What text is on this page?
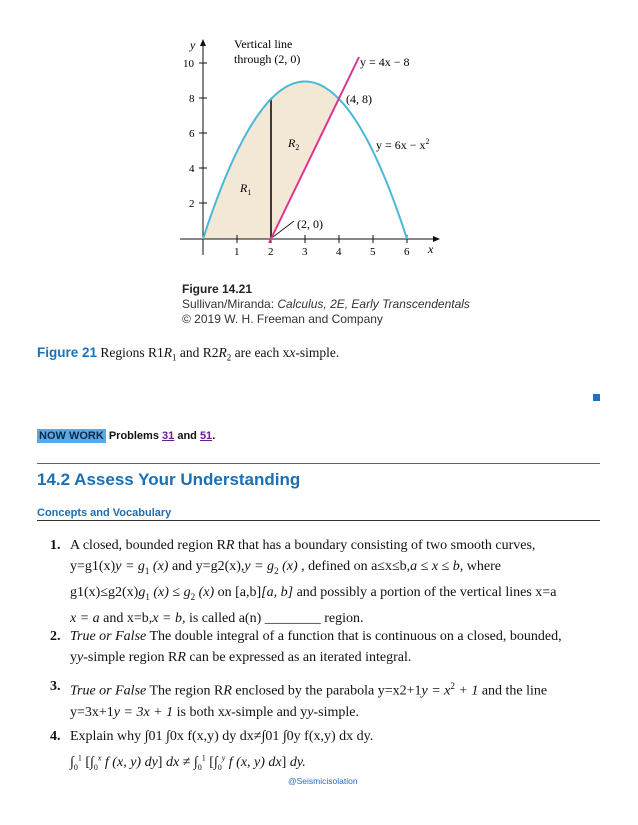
y
x
10
8
6
4
2
1	2	3	4	5	6
Vertical line
through (2, 0)	y = 4x − 8
(4, 8)
$y = 6x - x^2$
(2, 0)
$R_2$
$R_1$
Figure 14.21
Sullivan/Miranda: Calculus, 2E, Early Transcendentals
© 2019 W. H. Freeman and Company
Figure 21 Regions $R1R_1$ and $R2R_2$ are each xx-simple.
NOW WORK Problems 31 and 51.
14.2 Assess Your Understanding
Concepts and Vocabulary
1. A closed, bounded region RR that has a boundary consisting of two smooth curves,
$y=g1(x)y = g_1$ (x) and $y=g2(x),y = g_2$ (x) , defined on a≤x≤b,a ≤ x ≤ b, where
$g1(x)\le g2(x)g_1$ $(x) \le g_2$ (x) on [a,b][a, b] and possibly a portion of the vertical lines x=a
x = a and x=b,x = b, is called a(n) ________ region.
2. True or False The double integral of a function that is continuous on a closed, bounded,
yy-simple region RR can be expressed as an iterated integral.
3. True or False The region RR enclosed by the parabola $y=x2+1y = x^2 + 1$ and the line
y=3x+1y = 3x + 1 is both xx-simple and yy-simple.
4. Explain why ∫01 ∫0x f(x,y) dy dx≠∫01 ∫0y f(x,y) dx dy.
$\int_0^1$ [$\int_0^x$ f (x, y) dy] dx ≠ $\int_0^1$ [$\int_0^y$ f (x, y) dx] dy.
@Seismicisolation
